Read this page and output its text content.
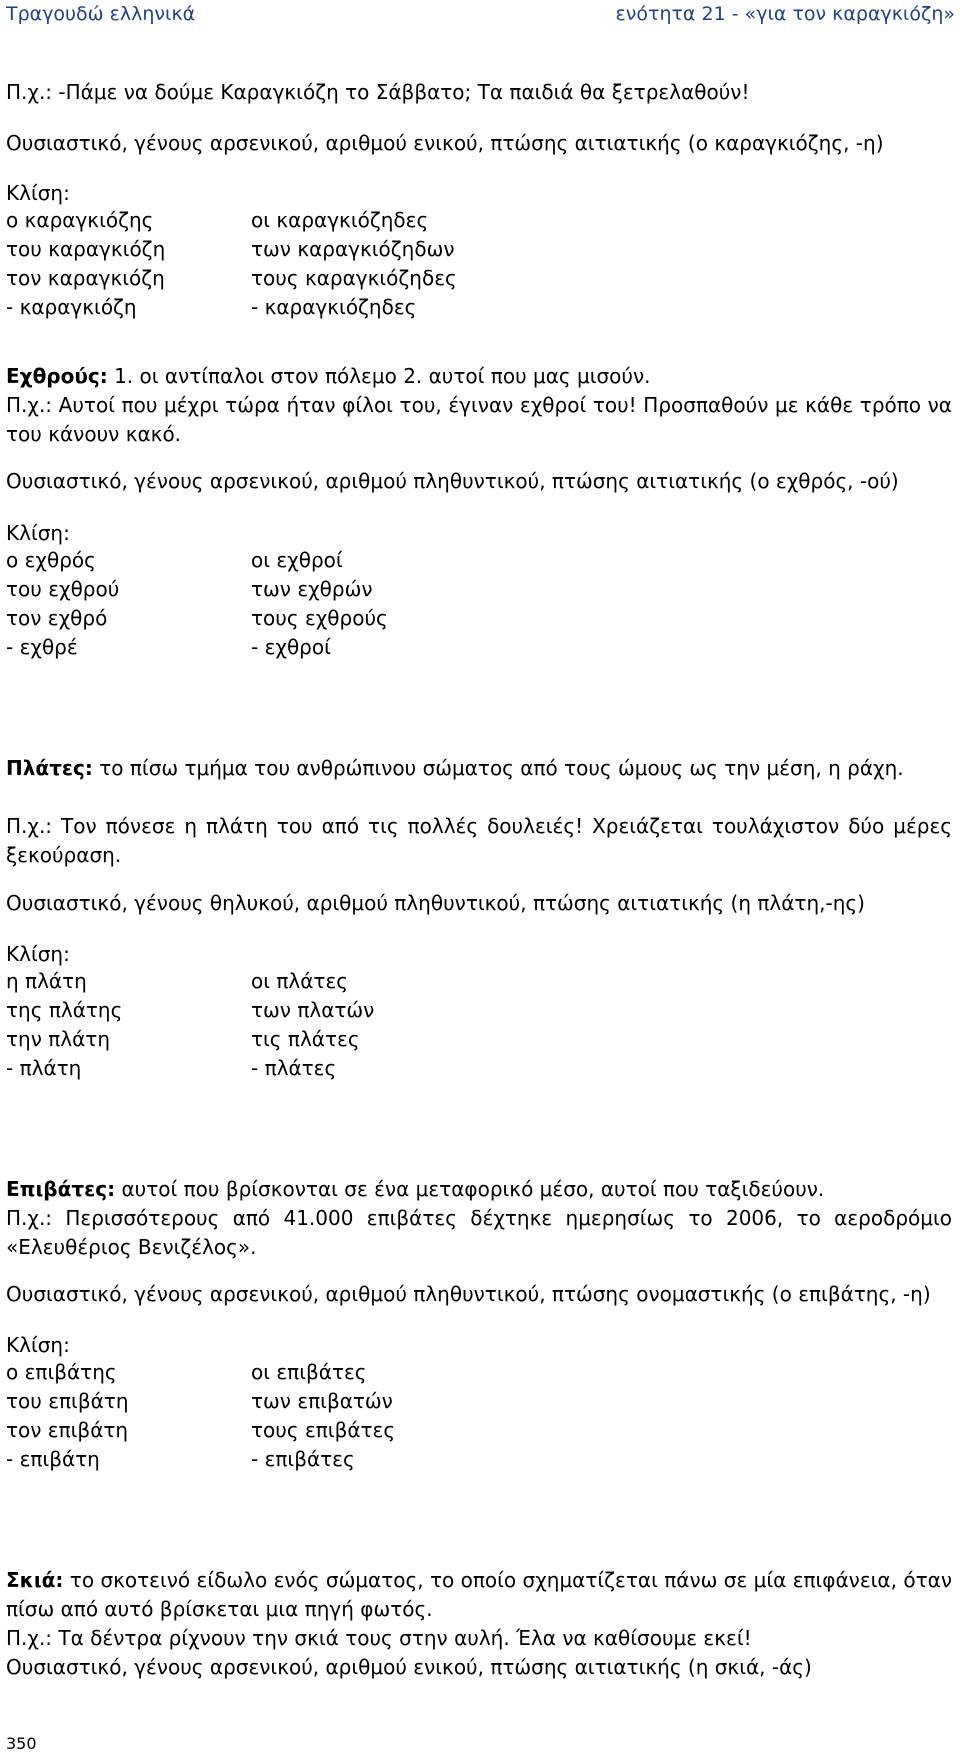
Τραγουδώ ελληνικά	ενότητα 21 - «για τον καραγκιόζη»
Π.χ.: -Πάμε να δούμε Καραγκιόζη το Σάββατο; Τα παιδιά θα ξετρελαθούν!
Ουσιαστικό, γένους αρσενικού, αριθμού ενικού, πτώσης αιτιατικής (ο καραγκιόζης, -η)
Κλίση:
ο καραγκιόζης	οι καραγκιόζηδες
του καραγκιόζη	των καραγκιόζηδων
τον καραγκιόζη	τους καραγκιόζηδες
- καραγκιόζη	- καραγκιόζηδες
Εχθρούς: 1. οι αντίπαλοι στον πόλεμο 2. αυτοί που μας μισούν.
Π.χ.: Αυτοί που μέχρι τώρα ήταν φίλοι του, έγιναν εχθροί του! Προσπαθούν με κάθε τρόπο να του κάνουν κακό.
Ουσιαστικό, γένους αρσενικού, αριθμού πληθυντικού, πτώσης αιτιατικής (ο εχθρός, -ού)
Κλίση:
ο εχθρός	οι εχθροί
του εχθρού	των εχθρών
τον εχθρό	τους εχθρούς
- εχθρέ	- εχθροί
Πλάτες: το πίσω τμήμα του ανθρώπινου σώματος από τους ώμους ως την μέση, η ράχη.
Π.χ.: Τον πόνεσε η πλάτη του από τις πολλές δουλειές! Χρειάζεται τουλάχιστον δύο μέρες ξεκούραση.
Ουσιαστικό, γένους θηλυκού, αριθμού πληθυντικού, πτώσης αιτιατικής (η πλάτη,-ης)
Κλίση:
η πλάτη	οι πλάτες
της πλάτης	των πλατών
την πλάτη	τις πλάτες
- πλάτη	- πλάτες
Επιβάτες: αυτοί που βρίσκονται σε ένα μεταφορικό μέσο, αυτοί που ταξιδεύουν.
Π.χ.: Περισσότερους από 41.000 επιβάτες δέχτηκε ημερησίως το 2006, το αεροδρόμιο «Ελευθέριος Βενιζέλος».
Ουσιαστικό, γένους αρσενικού, αριθμού πληθυντικού, πτώσης ονομαστικής (ο επιβάτης, -η)
Κλίση:
ο επιβάτης	οι επιβάτες
του επιβάτη	των επιβατών
τον επιβάτη	τους επιβάτες
- επιβάτη	- επιβάτες
Σκιά: το σκοτεινό είδωλο ενός σώματος, το οποίο σχηματίζεται πάνω σε μία επιφάνεια, όταν πίσω από αυτό βρίσκεται μια πηγή φωτός.
Π.χ.: Τα δέντρα ρίχνουν την σκιά τους στην αυλή. Έλα να καθίσουμε εκεί!
Ουσιαστικό, γένους αρσενικού, αριθμού ενικού, πτώσης αιτιατικής (η σκιά, -άς)
350
